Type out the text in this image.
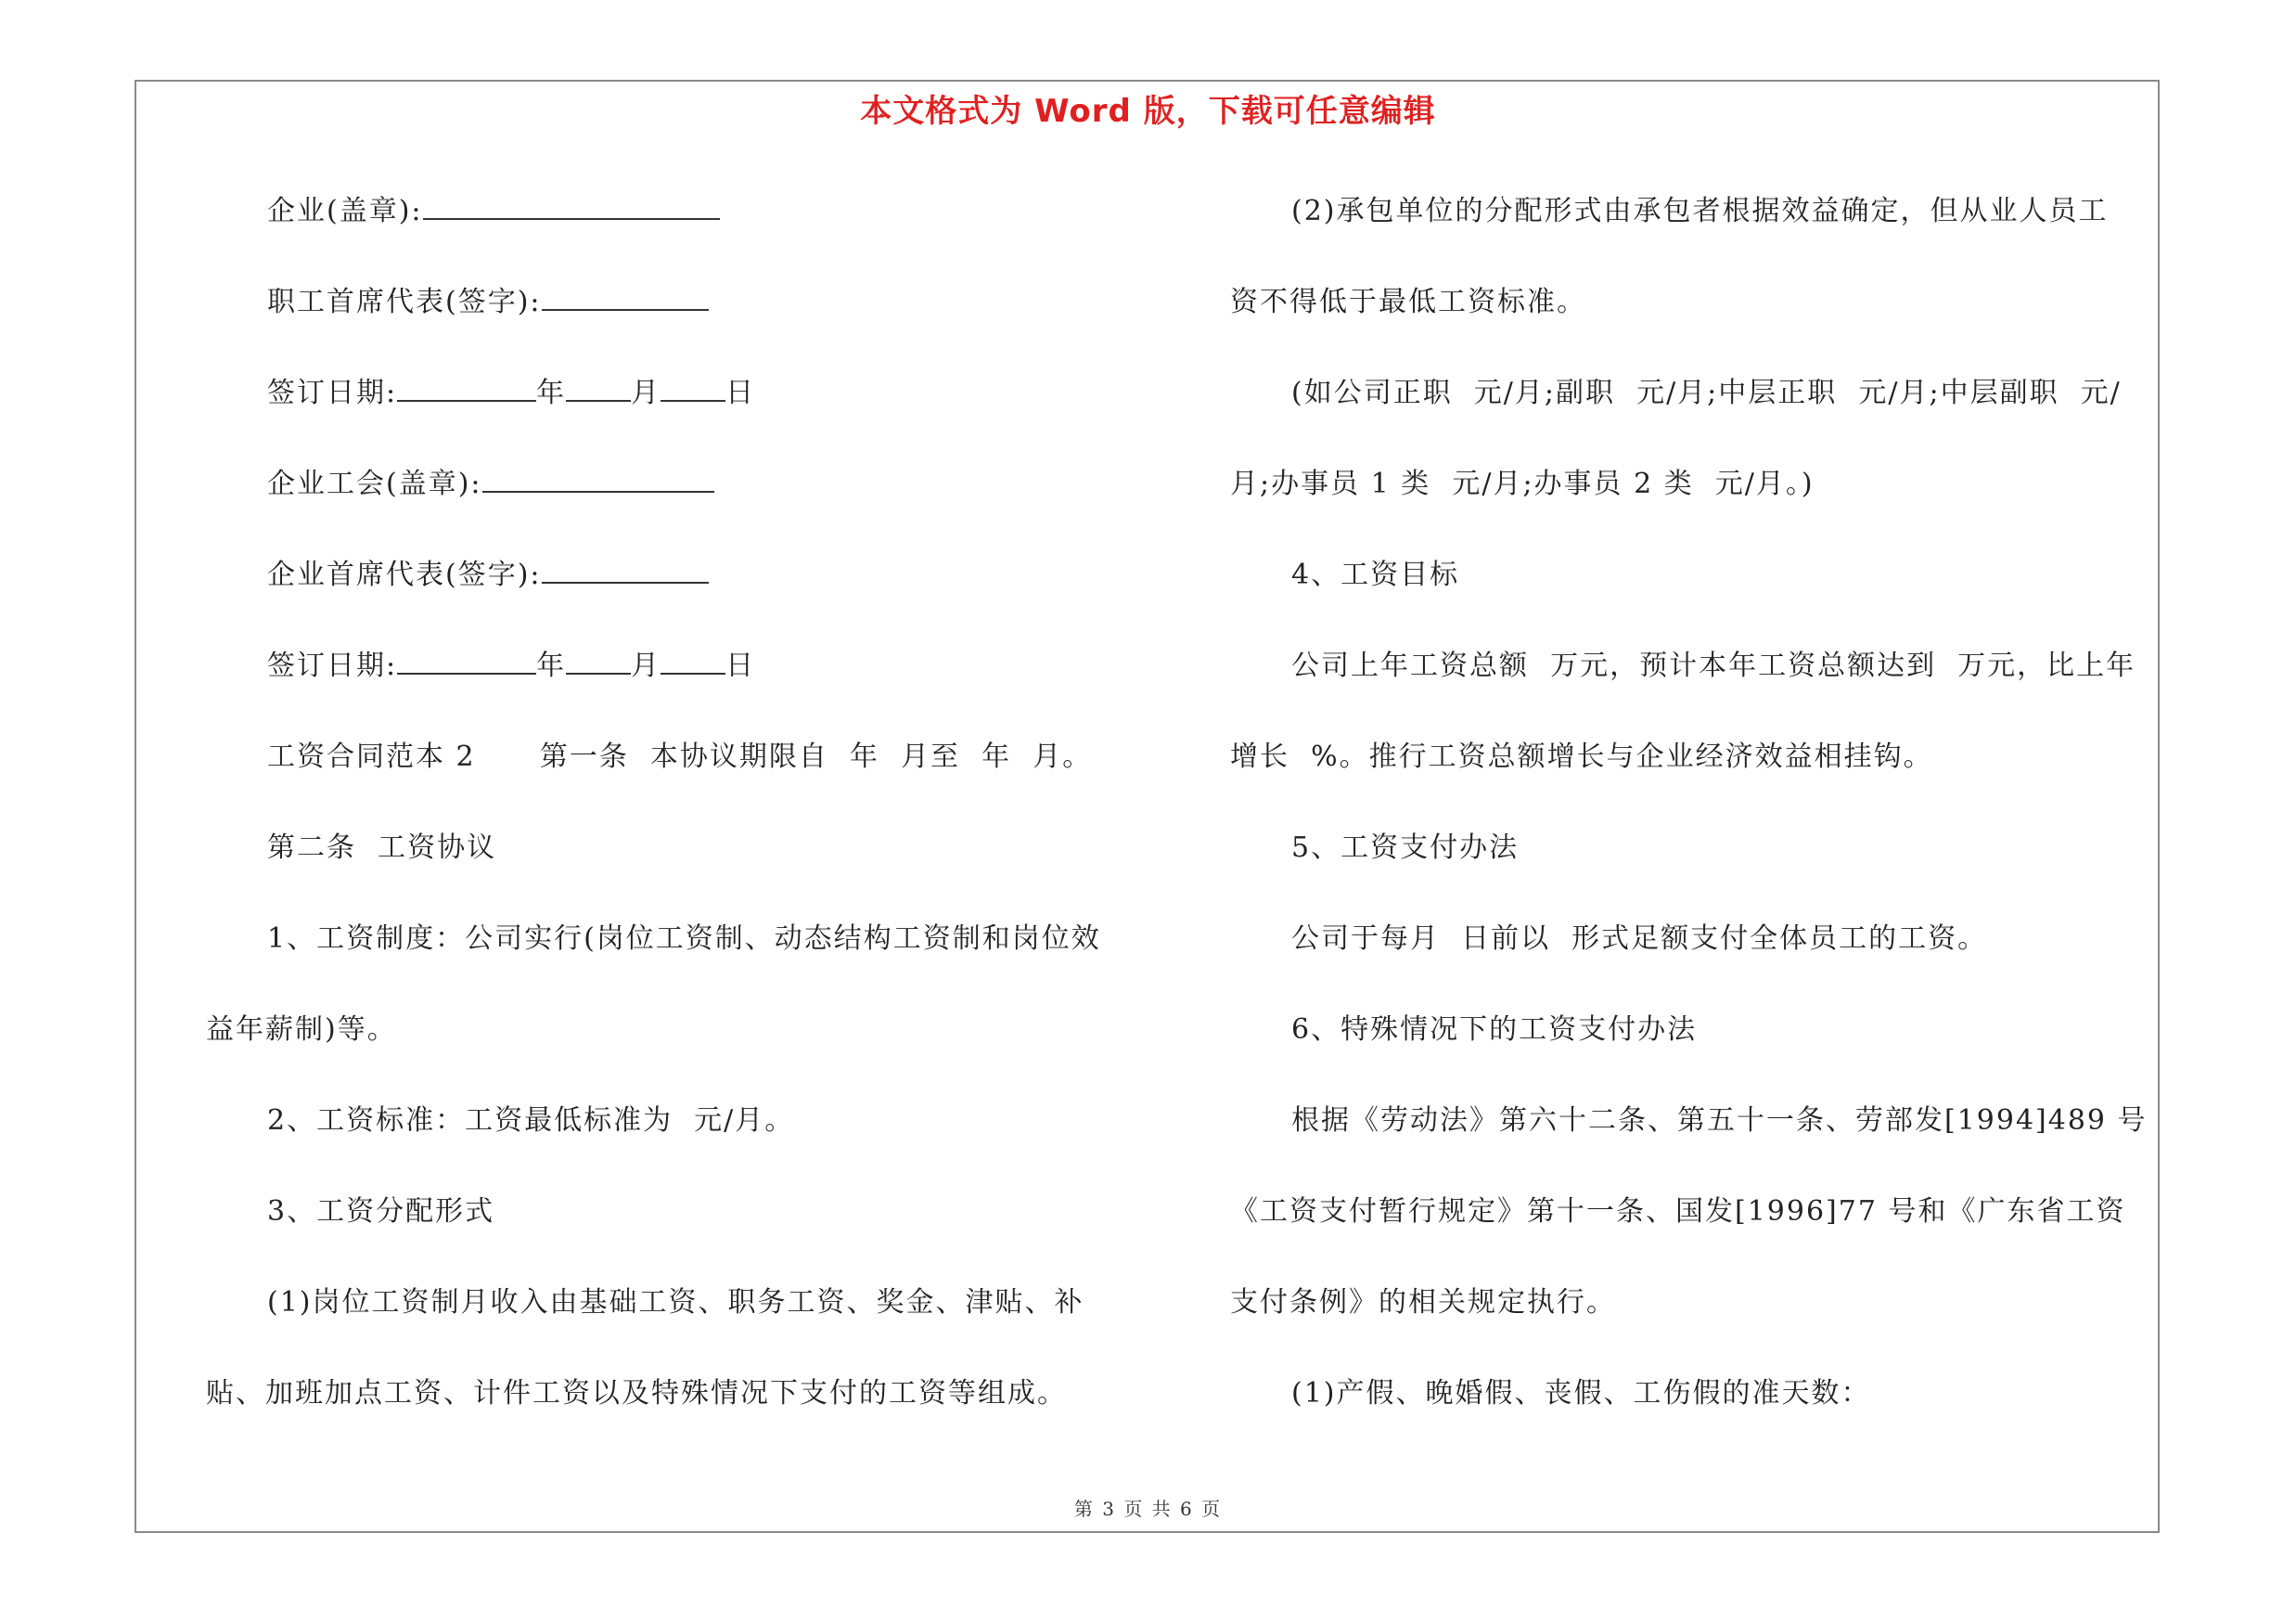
本文格式为 Word 版，下载可任意编辑
企业(盖章):
职工首席代表(签字):
签订日期:	年 月 日
企业工会(盖章):
企业首席代表(签字):
签订日期:	年 月 日
工资合同范本 2      第一条  本协议期限自  年  月至  年  月。
第二条  工资协议
1、工资制度：公司实行(岗位工资制、动态结构工资制和岗位效
益年薪制)等。
2、工资标准：工资最低标准为  元/月。
3、工资分配形式
(1)岗位工资制月收入由基础工资、职务工资、奖金、津贴、补
贴、加班加点工资、计件工资以及特殊情况下支付的工资等组成。
(2)承包单位的分配形式由承包者根据效益确定，但从业人员工
资不得低于最低工资标准。
(如公司正职  元/月;副职  元/月;中层正职  元/月;中层副职  元/
月;办事员 1 类  元/月;办事员 2 类  元/月。)
4、工资目标
公司上年工资总额  万元，预计本年工资总额达到  万元，比上年
增长  %。推行工资总额增长与企业经济效益相挂钩。
5、工资支付办法
公司于每月  日前以  形式足额支付全体员工的工资。
6、特殊情况下的工资支付办法
根据《劳动法》第六十二条、第五十一条、劳部发[1994]489 号
《工资支付暂行规定》第十一条、国发[1996]77 号和《广东省工资
支付条例》的相关规定执行。
(1)产假、晚婚假、丧假、工伤假的准天数：
第 3 页 共 6 页
